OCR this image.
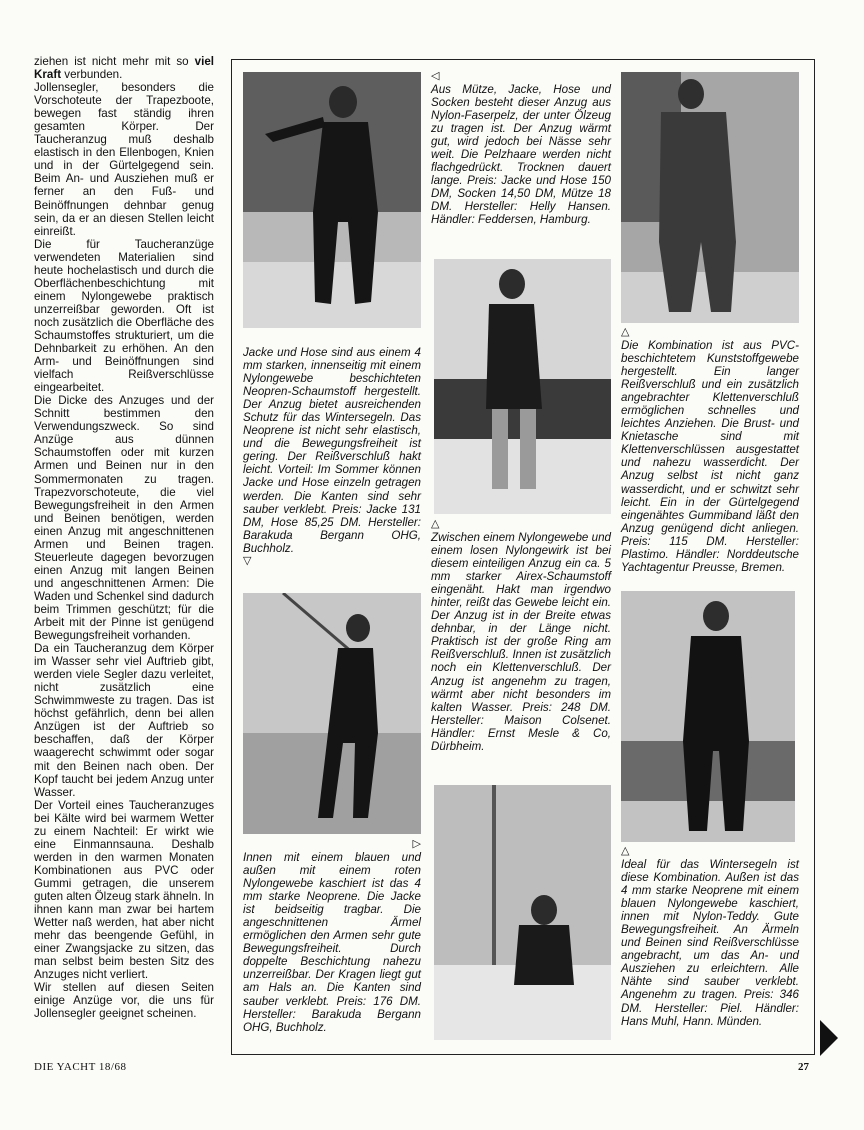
ziehen ist nicht mehr mit so viel Kraft verbunden.

Jollensegler, besonders die Vorschoteute der Trapezboote, bewegen fast ständig ihren gesamten Körper. Der Taucheranzug muß deshalb elastisch in den Ellenbogen, Knien und in der Gürtelgegend sein. Beim An- und Ausziehen muß er ferner an den Fuß- und Beinöffnungen dehnbar genug sein, da er an diesen Stellen leicht einreißt.

Die für Taucheranzüge verwendeten Materialien sind heute hochelastisch und durch die Oberflächenbeschichtung mit einem Nylongewebe praktisch unzerreißbar geworden. Oft ist noch zusätzlich die Oberfläche des Schaumstoffes strukturiert, um die Dehnbarkeit zu erhöhen. An den Arm- und Beinöffnungen sind vielfach Reißverschlüsse eingearbeitet.

Die Dicke des Anzuges und der Schnitt bestimmen den Verwendungszweck. So sind Anzüge aus dünnen Schaumstoffen oder mit kurzen Armen und Beinen nur in den Sommermonaten zu tragen. Trapezvorschoteute, die viel Bewegungsfreiheit in den Armen und Beinen benötigen, werden einen Anzug mit angeschnittenen Armen und Beinen tragen. Steuerleute dagegen bevorzugen einen Anzug mit langen Beinen und angeschnittenen Armen: Die Waden und Schenkel sind dadurch beim Trimmen geschützt; für die Arbeit mit der Pinne ist genügend Bewegungsfreiheit vorhanden.

Da ein Taucheranzug dem Körper im Wasser sehr viel Auftrieb gibt, werden viele Segler dazu verleitet, nicht zusätzlich eine Schwimmweste zu tragen. Das ist höchst gefährlich, denn bei allen Anzügen ist der Auftrieb so beschaffen, daß der Körper waagerecht schwimmt oder sogar mit den Beinen nach oben. Der Kopf taucht bei jedem Anzug unter Wasser.

Der Vorteil eines Taucheranzuges bei Kälte wird bei warmem Wetter zu einem Nachteil: Er wirkt wie eine Einmannsauna. Deshalb werden in den warmen Monaten Kombinationen aus PVC oder Gummi getragen, die unserem guten alten Ölzeug stark ähneln. In ihnen kann man zwar bei hartem Wetter naß werden, hat aber nicht mehr das beengende Gefühl, in einer Zwangsjacke zu sitzen, das man selbst beim besten Sitz des Anzuges nicht verliert.

Wir stellen auf diesen Seiten einige Anzüge vor, die uns für Jollensegler geeignet scheinen.

Jacke und Hose sind aus einem 4 mm starken, innenseitig mit einem Nylongewebe beschichteten Neopren-Schaumstoff hergestellt. Der Anzug bietet ausreichenden Schutz für das Wintersegeln. Das Neoprene ist nicht sehr elastisch, und die Bewegungsfreiheit ist gering. Der Reißverschluß hakt leicht. Vorteil: Im Sommer können Jacke und Hose einzeln getragen werden. Die Kanten sind sehr sauber verklebt. Preis: Jacke 131 DM, Hose 85,25 DM. Hersteller: Barakuda Bergann OHG, Buchholz.
▽
◁
Aus Mütze, Jacke, Hose und Socken besteht dieser Anzug aus Nylon-Faserpelz, der unter Ölzeug zu tragen ist. Der Anzug wärmt gut, wird jedoch bei Nässe sehr weit. Die Pelzhaare werden nicht flachgedrückt. Trocknen dauert lange. Preis: Jacke und Hose 150 DM, Socken 14,50 DM, Mütze 18 DM. Hersteller: Helly Hansen. Händler: Feddersen, Hamburg.
△
Zwischen einem Nylongewebe und einem losen Nylongewirk ist bei diesem einteiligen Anzug ein ca. 5 mm starker Airex-Schaumstoff eingenäht. Hakt man irgendwo hinter, reißt das Gewebe leicht ein. Der Anzug ist in der Breite etwas dehnbar, in der Länge nicht. Praktisch ist der große Ring am Reißverschluß. Innen ist zusätzlich noch ein Klettenverschluß. Der Anzug ist angenehm zu tragen, wärmt aber nicht besonders im kalten Wasser. Preis: 248 DM. Hersteller: Maison Colsenet. Händler: Ernst Mesle & Co, Dürbheim.
△
Die Kombination ist aus PVC-beschichtetem Kunststoffgewebe hergestellt. Ein langer Reißverschluß und ein zusätzlich angebrachter Klettenverschluß ermöglichen schnelles und leichtes Anziehen. Die Brust- und Knietasche sind mit Klettenverschlüssen ausgestattet und nahezu wasserdicht. Der Anzug selbst ist nicht ganz wasserdicht, und er schwitzt sehr leicht. Ein in der Gürtelgegend eingenähtes Gummiband läßt den Anzug genügend dicht anliegen. Preis: 115 DM. Hersteller: Plastimo. Händler: Norddeutsche Yachtagentur Preusse, Bremen.
▷
Innen mit einem blauen und außen mit einem roten Nylongewebe kaschiert ist das 4 mm starke Neoprene. Die Jacke ist beidseitig tragbar. Die angeschnittenen Ärmel ermöglichen den Armen sehr gute Bewegungsfreiheit. Durch doppelte Beschichtung nahezu unzerreißbar. Der Kragen liegt gut am Hals an. Die Kanten sind sauber verklebt. Preis: 176 DM. Hersteller: Barakuda Bergann OHG, Buchholz.
△
Ideal für das Wintersegeln ist diese Kombination. Außen ist das 4 mm starke Neoprene mit einem blauen Nylongewebe kaschiert, innen mit Nylon-Teddy. Gute Bewegungsfreiheit. An Ärmeln und Beinen sind Reißverschlüsse angebracht, um das An- und Ausziehen zu erleichtern. Alle Nähte sind sauber verklebt. Angenehm zu tragen. Preis: 346 DM. Hersteller: Piel. Händler: Hans Muhl, Hann. Münden.
DIE YACHT 18/68	27
